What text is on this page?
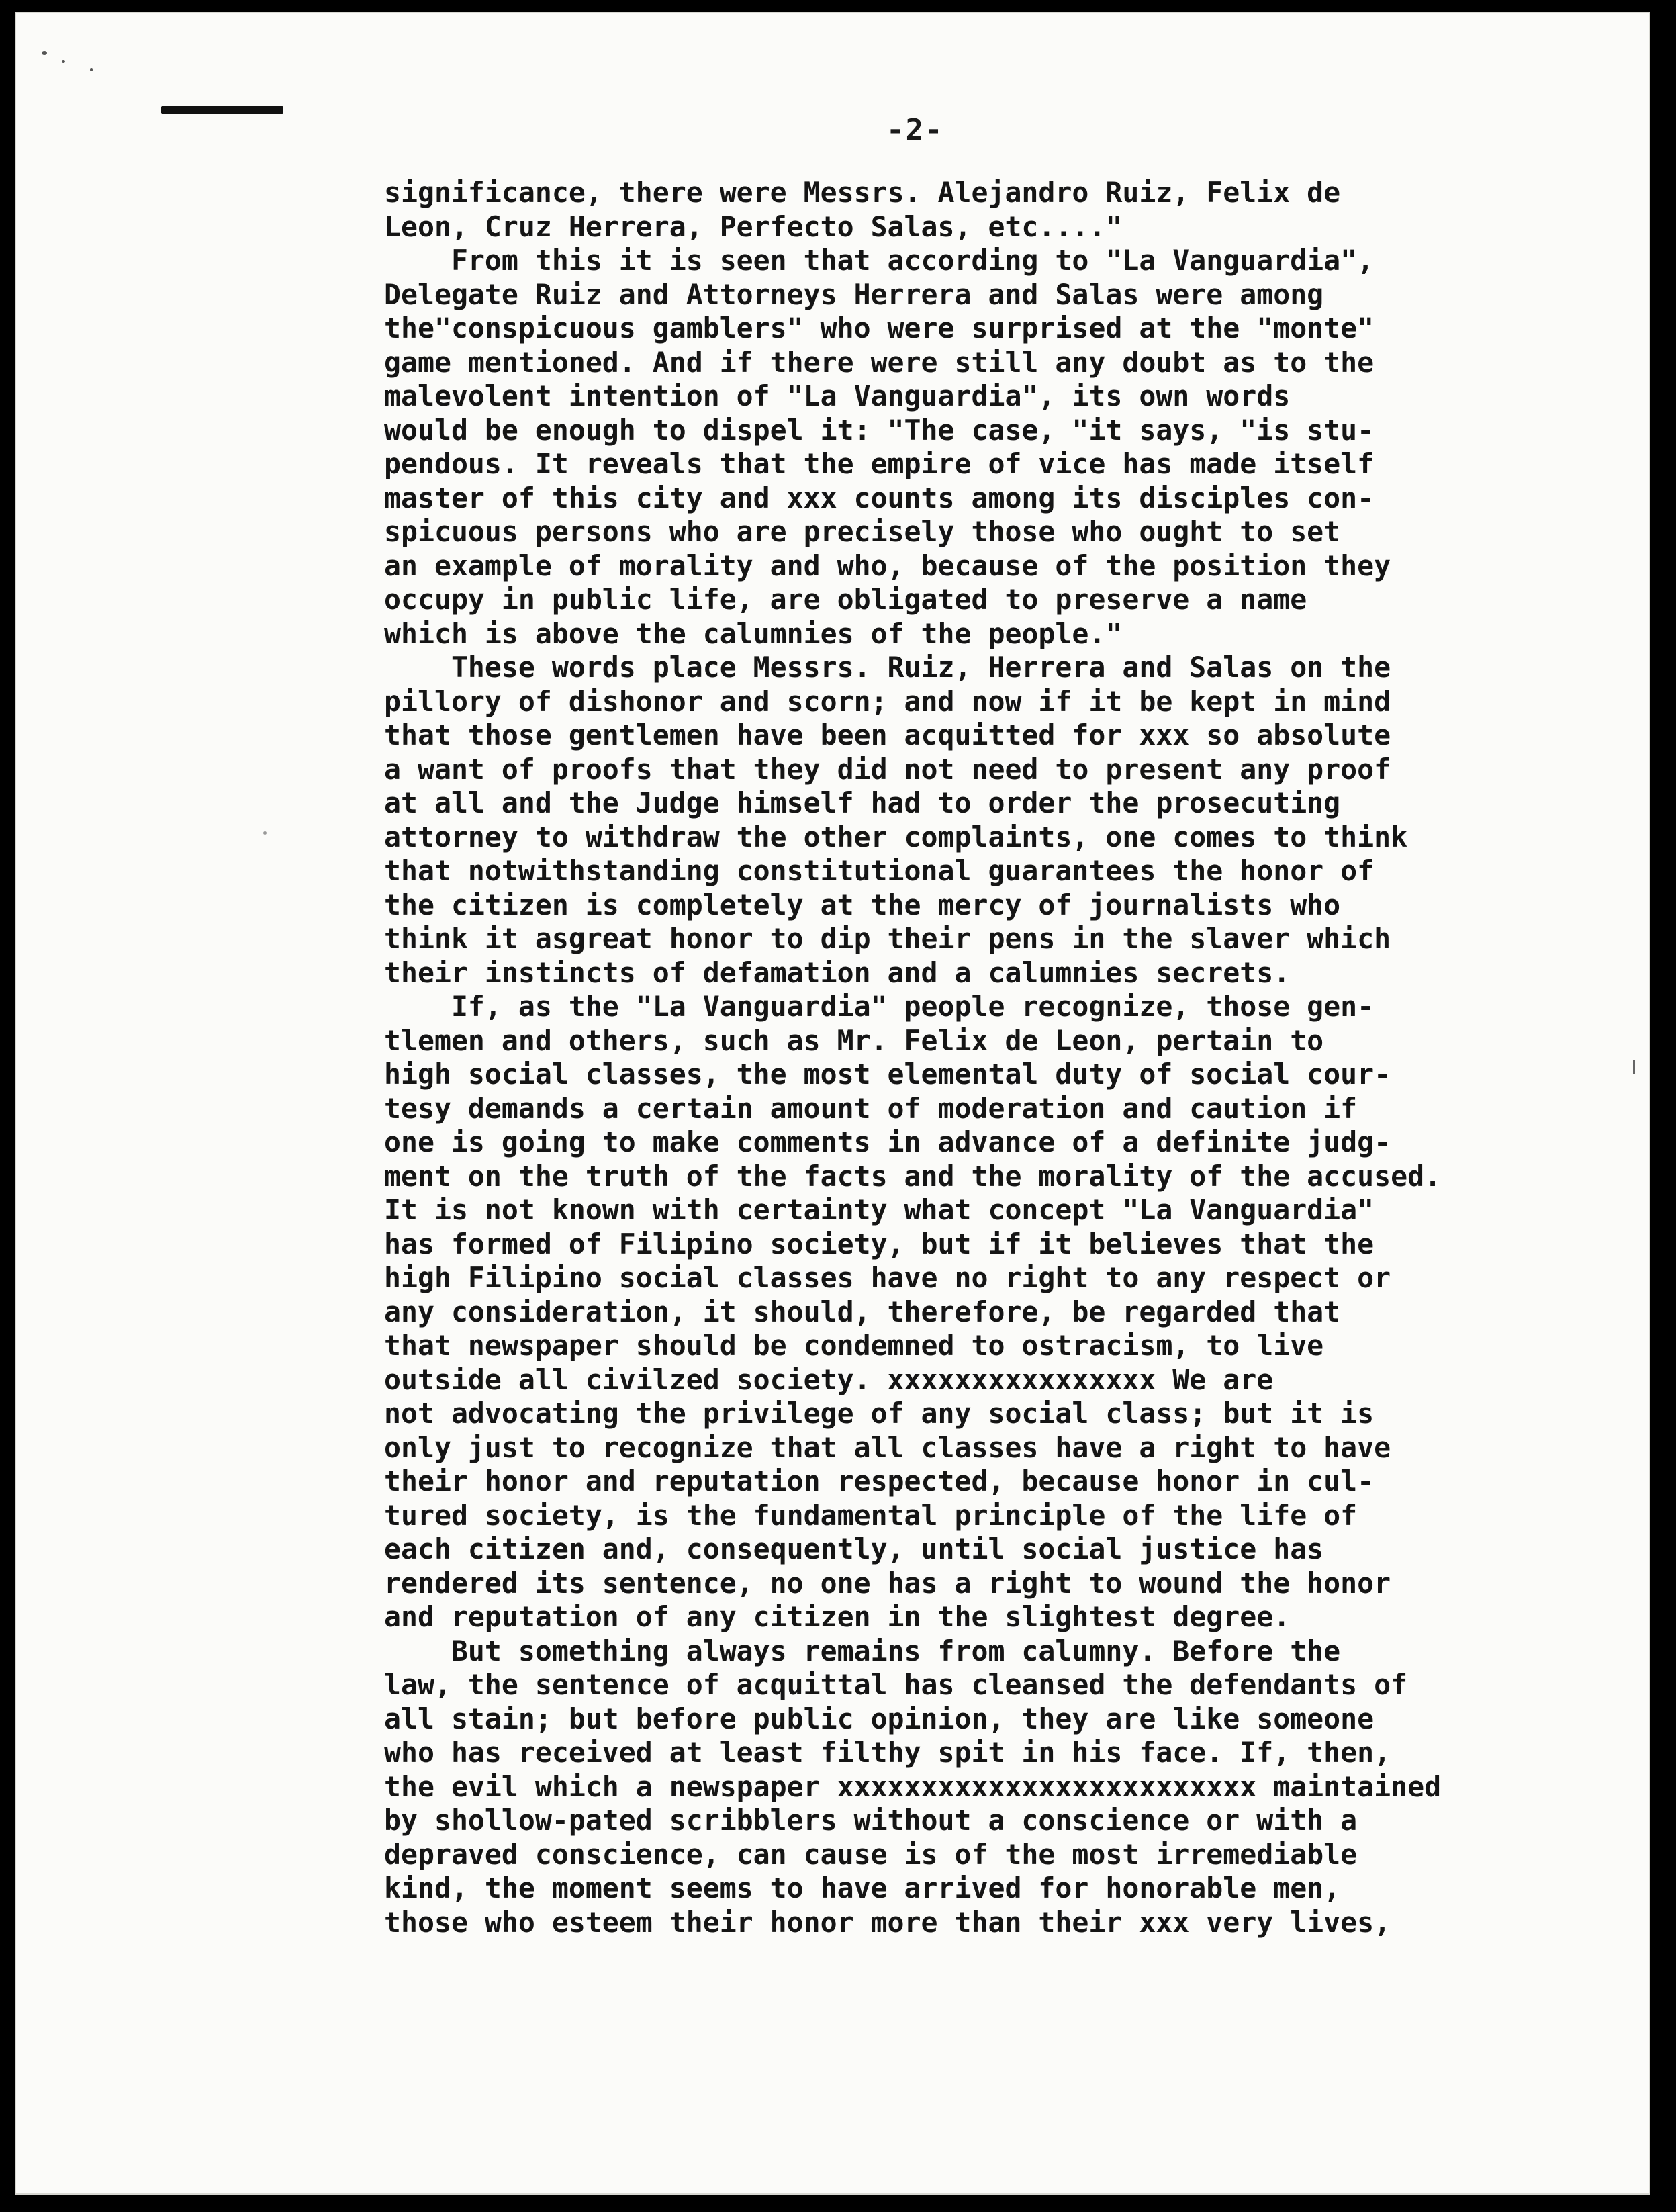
-2-
significance, there were Messrs. Alejandro Ruiz, Felix de
Leon, Cruz Herrera, Perfecto Salas, etc...."
From this it is seen that according to "La Vanguardia",
Delegate Ruiz and Attorneys Herrera and Salas were among
the"conspicuous gamblers" who were surprised at the "monte"
game mentioned. And if there were still any doubt as to the
malevolent intention of "La Vanguardia", its own words
would be enough to dispel it: "The case, "it says, "is stu-
pendous. It reveals that the empire of vice has made itself
master of this city and xxx counts among its disciples con-
spicuous persons who are precisely those who ought to set
an example of morality and who, because of the position they
occupy in public life, are obligated to preserve a name
which is above the calumnies of the people."
These words place Messrs. Ruiz, Herrera and Salas on the
pillory of dishonor and scorn; and now if it be kept in mind
that those gentlemen have been acquitted for xxx so absolute
a want of proofs that they did not need to present any proof
at all and the Judge himself had to order the prosecuting
attorney to withdraw the other complaints, one comes to think
that notwithstanding constitutional guarantees the honor of
the citizen is completely at the mercy of journalists who
think it asgreat honor to dip their pens in the slaver which
their instincts of defamation and a calumnies secrets.
If, as the "La Vanguardia" people recognize, those gen-
tlemen and others, such as Mr. Felix de Leon, pertain to
high social classes, the most elemental duty of social cour-
tesy demands a certain amount of moderation and caution if
one is going to make comments in advance of a definite judg-
ment on the truth of the facts and the morality of the accused.
It is not known with certainty what concept "La Vanguardia"
has formed of Filipino society, but if it believes that the
high Filipino social classes have no right to any respect or
any consideration, it should, therefore, be regarded that
that newspaper should be condemned to ostracism, to live
outside all civilzed society. xxxxxxxxxxxxxxxx We are
not advocating the privilege of any social class; but it is
only just to recognize that all classes have a right to have
their honor and reputation respected, because honor in cul-
tured society, is the fundamental principle of the life of
each citizen and, consequently, until social justice has
rendered its sentence, no one has a right to wound the honor
and reputation of any citizen in the slightest degree.
But something always remains from calumny. Before the
law, the sentence of acquittal has cleansed the defendants of
all stain; but before public opinion, they are like someone
who has received at least filthy spit in his face. If, then,
the evil which a newspaper xxxxxxxxxxxxxxxxxxxxxxxxx maintained
by shollow-pated scribblers without a conscience or with a
depraved conscience, can cause is of the most irremediable
kind, the moment seems to have arrived for honorable men,
those who esteem their honor more than their xxx very lives,
